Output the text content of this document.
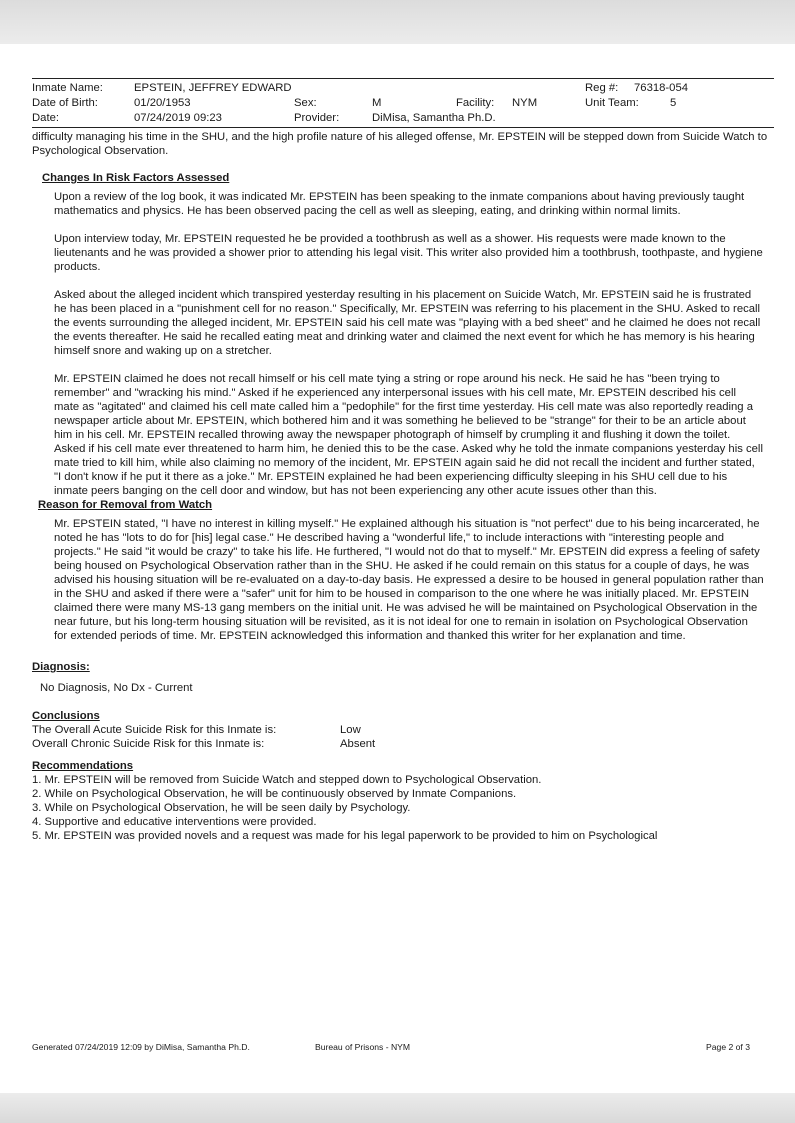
Inmate Name:	EPSTEIN, JEFFREY EDWARD	Reg #: 76318-054
Date of Birth:	01/20/1953	Sex:	M	Facility: NYM	Unit Team:	5
Date:	07/24/2019 09:23	Provider:	DiMisa, Samantha Ph.D.

difficulty managing his time in the SHU, and the high profile nature of his alleged offense, Mr. EPSTEIN will be stepped down from Suicide Watch to Psychological Observation.

Changes In Risk Factors Assessed

Upon a review of the log book, it was indicated Mr. EPSTEIN has been speaking to the inmate companions about having previously taught mathematics and physics. He has been observed pacing the cell as well as sleeping, eating, and drinking within normal limits.

Upon interview today, Mr. EPSTEIN requested he be provided a toothbrush as well as a shower. His requests were made known to the lieutenants and he was provided a shower prior to attending his legal visit. This writer also provided him a toothbrush, toothpaste, and hygiene products.

Asked about the alleged incident which transpired yesterday resulting in his placement on Suicide Watch, Mr. EPSTEIN said he is frustrated he has been placed in a "punishment cell for no reason." Specifically, Mr. EPSTEIN was referring to his placement in the SHU. Asked to recall the events surrounding the alleged incident, Mr. EPSTEIN said his cell mate was "playing with a bed sheet" and he claimed he does not recall the events thereafter. He said he recalled eating meat and drinking water and claimed the next event for which he has memory is his hearing himself snore and waking up on a stretcher.

Mr. EPSTEIN claimed he does not recall himself or his cell mate tying a string or rope around his neck. He said he has "been trying to remember" and "wracking his mind." Asked if he experienced any interpersonal issues with his cell mate, Mr. EPSTEIN described his cell mate as "agitated" and claimed his cell mate called him a "pedophile" for the first time yesterday. His cell mate was also reportedly reading a newspaper article about Mr. EPSTEIN, which bothered him and it was something he believed to be "strange" for their to be an article about him in his cell. Mr. EPSTEIN recalled throwing away the newspaper photograph of himself by crumpling it and flushing it down the toilet. Asked if his cell mate ever threatened to harm him, he denied this to be the case. Asked why he told the inmate companions yesterday his cell mate tried to kill him, while also claiming no memory of the incident, Mr. EPSTEIN again said he did not recall the incident and further stated, "I don't know if he put it there as a joke." Mr. EPSTEIN explained he had been experiencing difficulty sleeping in his SHU cell due to his inmate peers banging on the cell door and window, but has not been experiencing any other acute issues other than this.

Reason for Removal from Watch

Mr. EPSTEIN stated, "I have no interest in killing myself." He explained although his situation is "not perfect" due to his being incarcerated, he noted he has "lots to do for [his] legal case." He described having a "wonderful life," to include interactions with "interesting people and projects." He said "it would be crazy" to take his life. He furthered, "I would not do that to myself." Mr. EPSTEIN did express a feeling of safety being housed on Psychological Observation rather than in the SHU. He asked if he could remain on this status for a couple of days, he was advised his housing situation will be re-evaluated on a day-to-day basis. He expressed a desire to be housed in general population rather than in the SHU and asked if there were a "safer" unit for him to be housed in comparison to the one where he was initially placed. Mr. EPSTEIN claimed there were many MS-13 gang members on the initial unit. He was advised he will be maintained on Psychological Observation in the near future, but his long-term housing situation will be revisited, as it is not ideal for one to remain in isolation on Psychological Observation for extended periods of time. Mr. EPSTEIN acknowledged this information and thanked this writer for her explanation and time.

Diagnosis:

No Diagnosis, No Dx - Current

Conclusions

The Overall Acute Suicide Risk for this Inmate is:	Low
Overall Chronic Suicide Risk for this Inmate is:	Absent

Recommendations

1. Mr. EPSTEIN will be removed from Suicide Watch and stepped down to Psychological Observation.
2. While on Psychological Observation, he will be continuously observed by Inmate Companions.
3. While on Psychological Observation, he will be seen daily by Psychology.
4. Supportive and educative interventions were provided.
5. Mr. EPSTEIN was provided novels and a request was made for his legal paperwork to be provided to him on Psychological
Generated 07/24/2019 12:09 by DiMisa, Samantha Ph.D.	Bureau of Prisons - NYM	Page 2 of 3
